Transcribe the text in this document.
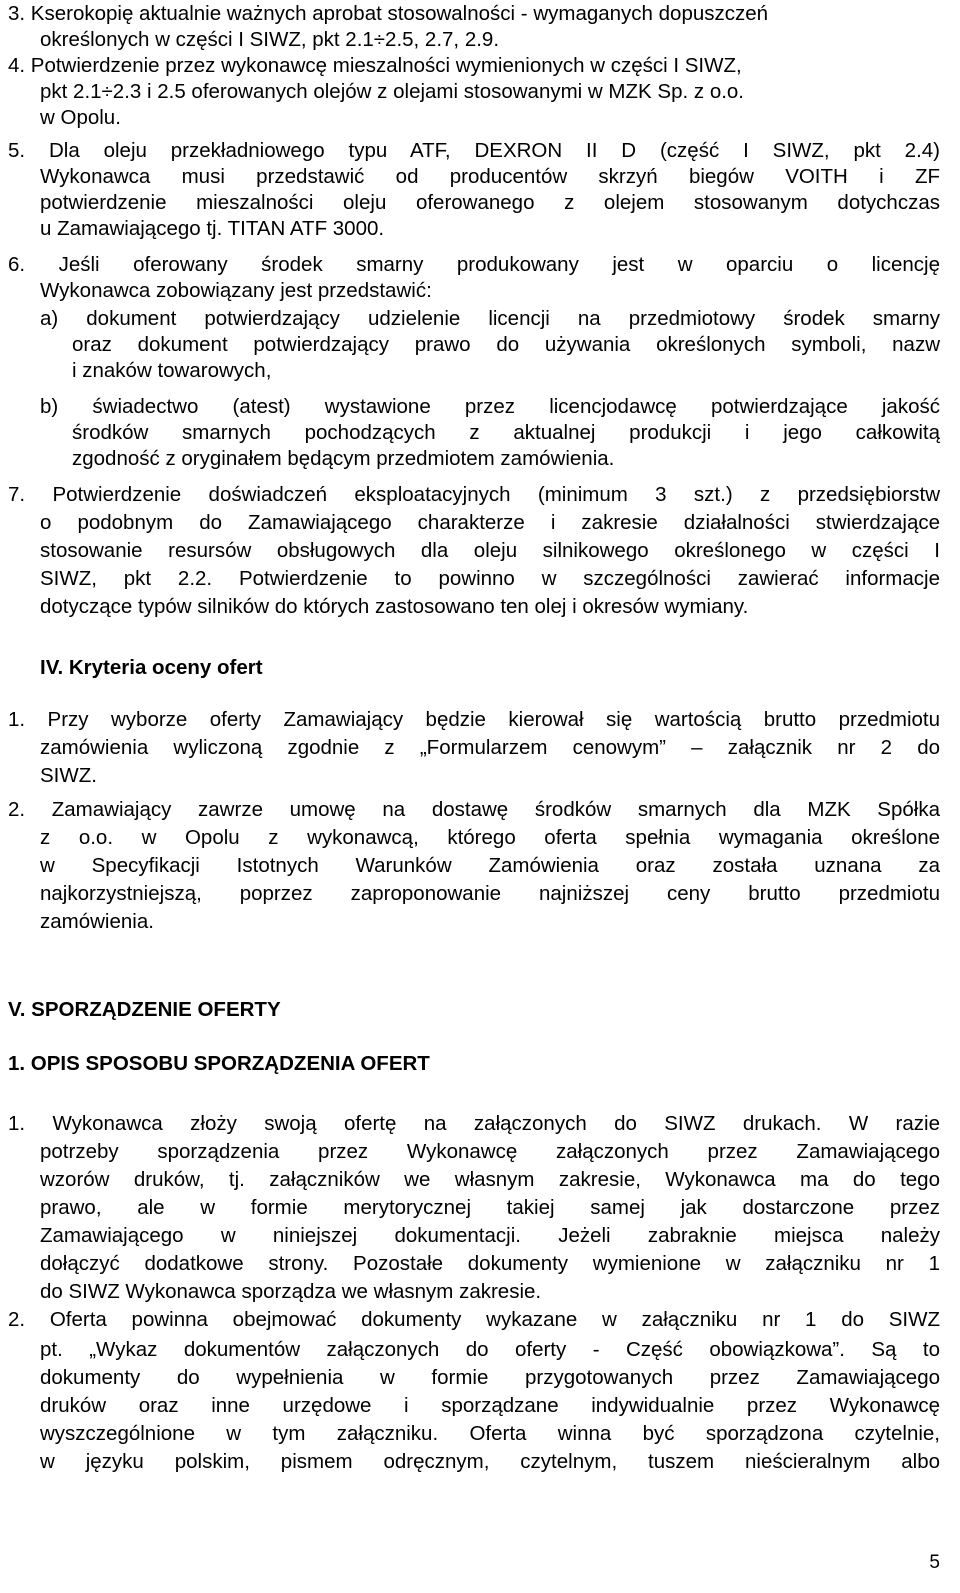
3. Kserokopię aktualnie ważnych aprobat stosowalności - wymaganych dopuszczeń
określonych w części I SIWZ, pkt 2.1÷2.5, 2.7, 2.9.
4. Potwierdzenie przez wykonawcę mieszalności wymienionych w części I SIWZ,
pkt 2.1÷2.3 i 2.5 oferowanych olejów z olejami stosowanymi w MZK Sp. z o.o.
w Opolu.
5. Dla oleju przekładniowego typu ATF, DEXRON II D (część I SIWZ, pkt 2.4)
Wykonawca musi przedstawić od producentów skrzyń biegów VOITH i ZF
potwierdzenie mieszalności oleju oferowanego z olejem stosowanym dotychczas
u Zamawiającego tj. TITAN ATF 3000.
6. Jeśli oferowany środek smarny produkowany jest w oparciu o licencję
Wykonawca zobowiązany jest przedstawić:
a) dokument potwierdzający udzielenie licencji na przedmiotowy środek smarny
oraz dokument potwierdzający prawo do używania określonych symboli, nazw
i znaków towarowych,
b) świadectwo (atest) wystawione przez licencjodawcę potwierdzające jakość
środków smarnych pochodzących z aktualnej produkcji i jego całkowitą
zgodność z oryginałem będącym przedmiotem zamówienia.
7. Potwierdzenie doświadczeń eksploatacyjnych (minimum 3 szt.) z przedsiębiorstw
o podobnym do Zamawiającego charakterze i zakresie działalności stwierdzające
stosowanie resursów obsługowych dla oleju silnikowego określonego w części I
SIWZ, pkt 2.2. Potwierdzenie to powinno w szczególności zawierać informacje
dotyczące typów silników do których zastosowano ten olej i okresów wymiany.
IV. Kryteria oceny ofert
1. Przy wyborze oferty Zamawiający będzie kierował się wartością brutto przedmiotu
zamówienia wyliczoną zgodnie z „Formularzem cenowym” – załącznik nr 2 do
SIWZ.
2. Zamawiający zawrze umowę na dostawę środków smarnych dla MZK Spółka
z o.o. w Opolu z wykonawcą, którego oferta spełnia wymagania określone
w Specyfikacji Istotnych Warunków Zamówienia oraz została uznana za
najkorzystniejszą, poprzez zaproponowanie najniższej ceny brutto przedmiotu
zamówienia.
V. SPORZĄDZENIE OFERTY
1. OPIS SPOSOBU SPORZĄDZENIA OFERT
1. Wykonawca złoży swoją ofertę na załączonych do SIWZ drukach. W razie
potrzeby sporządzenia przez Wykonawcę załączonych przez Zamawiającego
wzorów druków, tj. załączników we własnym zakresie, Wykonawca ma do tego
prawo, ale w formie merytorycznej takiej samej jak dostarczone przez
Zamawiającego w niniejszej dokumentacji. Jeżeli zabraknie miejsca należy
dołączyć dodatkowe strony. Pozostałe dokumenty wymienione w załączniku nr 1
do SIWZ Wykonawca sporządza we własnym zakresie.
2. Oferta powinna obejmować dokumenty wykazane w załączniku nr 1 do SIWZ
pt. „Wykaz dokumentów załączonych do oferty - Część obowiązkowa”. Są to
dokumenty do wypełnienia w formie przygotowanych przez Zamawiającego
druków oraz inne urzędowe i sporządzane indywidualnie przez Wykonawcę
wyszczególnione w tym załączniku. Oferta winna być sporządzona czytelnie,
w języku polskim, pismem odręcznym, czytelnym, tuszem nieścieralnym albo
5
